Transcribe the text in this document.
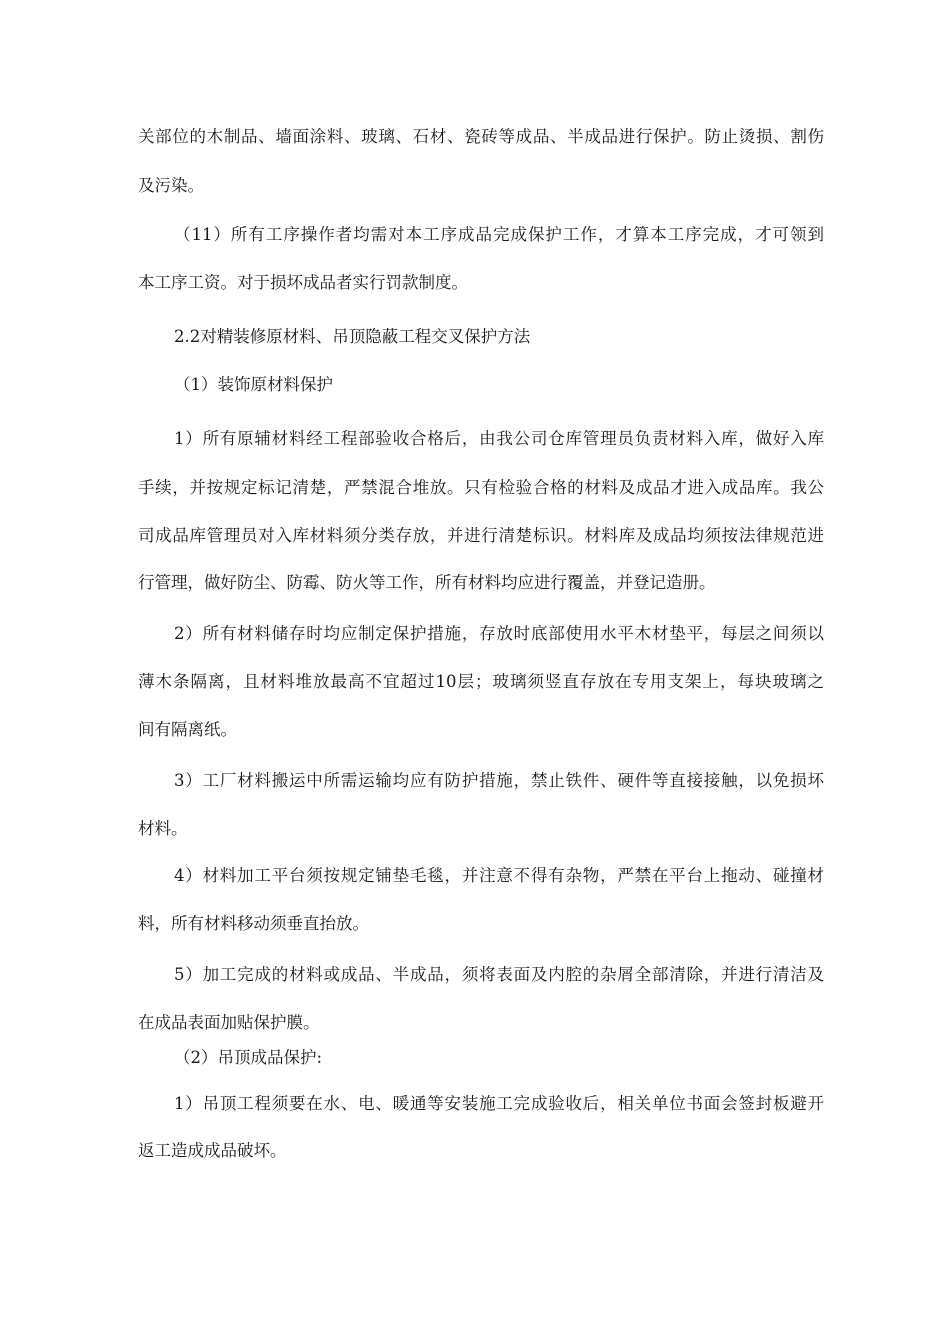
关部位的木制品、墙面涂料、玻璃、石材、瓷砖等成品、半成品进行保护。防止烫损、割伤
及污染。
（11）所有工序操作者均需对本工序成品完成保护工作，才算本工序完成，才可领到
本工序工资。对于损坏成品者实行罚款制度。
2.2对精装修原材料、吊顶隐蔽工程交叉保护方法
（1）装饰原材料保护
1）所有原辅材料经工程部验收合格后，由我公司仓库管理员负责材料入库，做好入库
手续，并按规定标记清楚，严禁混合堆放。只有检验合格的材料及成品才进入成品库。我公
司成品库管理员对入库材料须分类存放，并进行清楚标识。材料库及成品均须按法律规范进
行管理，做好防尘、防霉、防火等工作，所有材料均应进行覆盖，并登记造册。
2）所有材料储存时均应制定保护措施，存放时底部使用水平木材垫平，每层之间须以
薄木条隔离，且材料堆放最高不宜超过10层；玻璃须竖直存放在专用支架上，每块玻璃之
间有隔离纸。
3）工厂材料搬运中所需运输均应有防护措施，禁止铁件、硬件等直接接触，以免损坏
材料。
4）材料加工平台须按规定铺垫毛毯，并注意不得有杂物，严禁在平台上拖动、碰撞材
料，所有材料移动须垂直抬放。
5）加工完成的材料或成品、半成品，须将表面及内腔的杂屑全部清除，并进行清洁及
在成品表面加贴保护膜。
（2）吊顶成品保护:
1）吊顶工程须要在水、电、暖通等安装施工完成验收后，相关单位书面会签封板避开
返工造成成品破坏。
